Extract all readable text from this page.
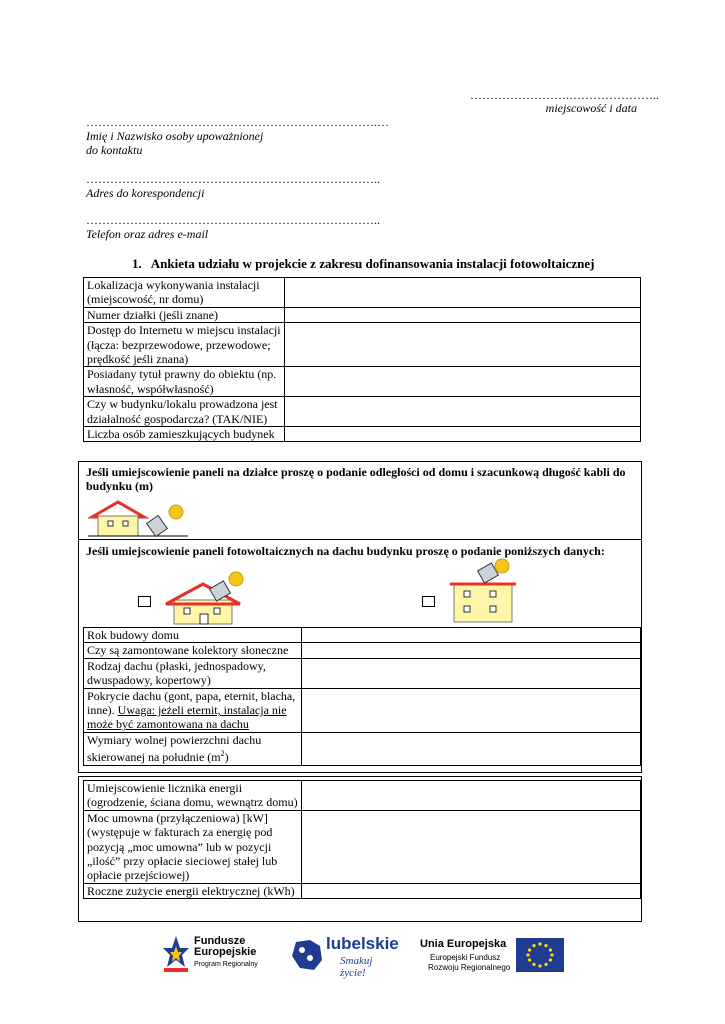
…………………….…………………..
miejscowość i data
……………………………………………………………….…
Imię i Nazwisko osoby upoważnionej
do kontaktu
………………………………………………………………..
Adres do korespondencji
………………………………………………………………..
Telefon oraz adres e-mail
1. Ankieta udziału w projekcie z zakresu dofinansowania instalacji fotowoltaicznej
Lokalizacja wykonywania instalacji (miejscowość, nr domu)	
Numer działki (jeśli znane)	
Dostęp do Internetu w miejscu instalacji (łącza: bezprzewodowe, przewodowe; prędkość jeśli znana)	
Posiadany tytuł prawny do obiektu (np. własność, współwłasność)	
Czy w budynku/lokalu prowadzona jest działalność gospodarcza? (TAK/NIE)	
Liczba osób zamieszkujących budynek	
Jeśli umiejscowienie paneli na działce proszę o podanie odległości od domu i szacunkową długość kabli do budynku (m)
Jeśli umiejscowienie paneli fotowoltaicznych na dachu budynku proszę o podanie poniższych danych:
Rok budowy domu	
Czy są zamontowane kolektory słoneczne	
Rodzaj dachu (płaski, jednospadowy, dwuspadowy, kopertowy)	
Pokrycie dachu (gont, papa, eternit, blacha, inne). Uwaga: jeżeli eternit, instalacja nie może być zamontowana na dachu	
Wymiary wolnej powierzchni dachu skierowanej na południe $(m^2)$	
Umiejscowienie licznika energii (ogrodzenie, ściana domu, wewnątrz domu)	
Moc umowna (przyłączeniowa) [kW] (występuje w fakturach za energię pod pozycją „moc umowna” lub w pozycji „ilość” przy opłacie sieciowej stałej lub opłacie przejściowej)	
Roczne zużycie energii elektrycznej (kWh)	
Fundusze
Europejskie
Program Regionalny
lubelskie
Smakuj życie!
Unia Europejska
Europejski Fundusz
Rozwoju Regionalnego
